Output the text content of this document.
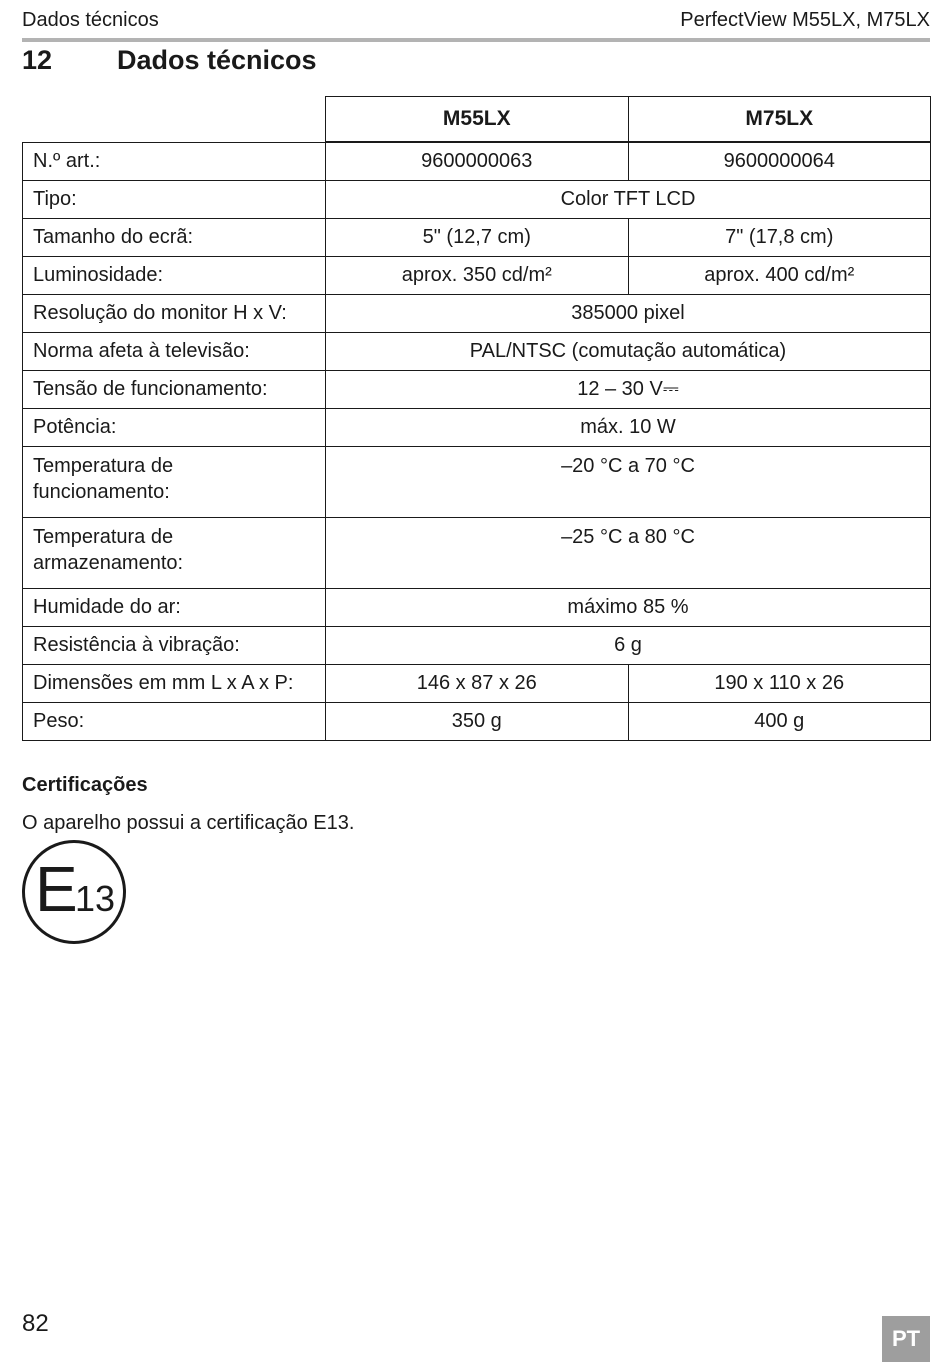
Dados técnicos	PerfectView M55LX, M75LX
12 Dados técnicos
	M55LX	M75LX
N.º art.:	9600000063	9600000064
Tipo:	Color TFT LCD	
Tamanho do ecrã:	5" (12,7 cm)	7" (17,8 cm)
Luminosidade:	aprox. 350 cd/m²	aprox. 400 cd/m²
Resolução do monitor H x V:	385000 pixel	
Norma afeta à televisão:	PAL/NTSC (comutação automática)	
Tensão de funcionamento:	12 – 30 V⎓	
Potência:	máx. 10 W	
Temperatura de funcionamento:	–20 °C a 70 °C	
Temperatura de armazenamento:	–25 °C a 80 °C	
Humidade do ar:	máximo 85 %	
Resistência à vibração:	6 g	
Dimensões em mm L x A x P:	146 x 87 x 26	190 x 110 x 26
Peso:	350 g	400 g
Certificações
O aparelho possui a certificação E13.
E
13
82
PT
